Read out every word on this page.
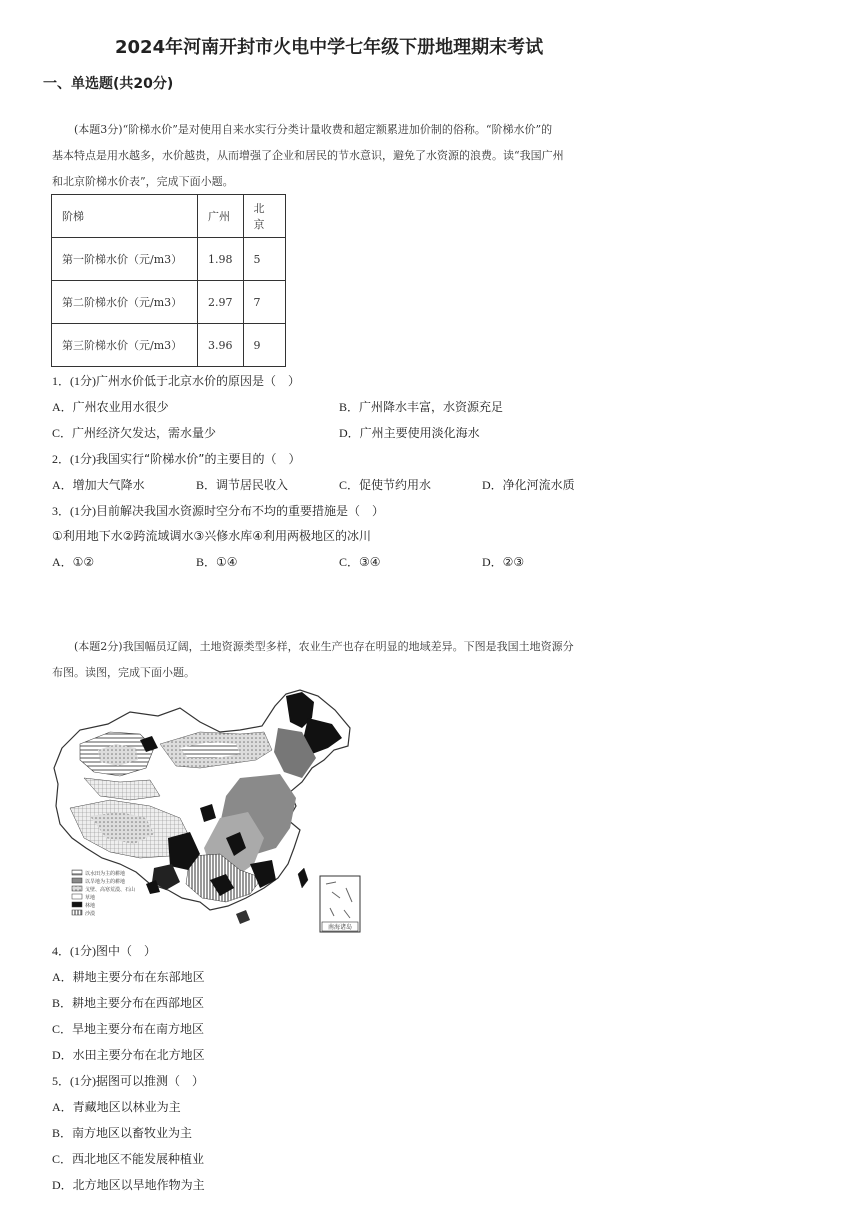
2024年河南开封市火电中学七年级下册地理期末考试
一、单选题(共20分)
(本题3分)“阶梯水价”是对使用自来水实行分类计量收费和超定额累进加价制的俗称。“阶梯水价”的
基本特点是用水越多，水价越贵，从而增强了企业和居民的节水意识，避免了水资源的浪费。读“我国广州
和北京阶梯水价表”，完成下面小题。
阶梯	广州	北京
第一阶梯水价（元/m3）	1.98	5
第二阶梯水价（元/m3）	2.97	7
第三阶梯水价（元/m3）	3.96	9
1．(1分)广州水价低于北京水价的原因是（　）
A．广州农业用水很少	B．广州降水丰富，水资源充足
C．广州经济欠发达，需水量少	D．广州主要使用淡化海水
2．(1分)我国实行“阶梯水价”的主要目的（　）
A．增加大气降水	B．调节居民收入	C．促使节约用水	D．净化河流水质
3．(1分)目前解决我国水资源时空分布不均的重要措施是（　）
①利用地下水②跨流域调水③兴修水库④利用两极地区的冰川
A．①②	B．①④	C．③④	D．②③
(本题2分)我国幅员辽阔，土地资源类型多样，农业生产也存在明显的地域差异。下图是我国土地资源分
布图。读图，完成下面小题。
南海诸岛
以水田为主的耕地
以旱地为主的耕地
戈壁、高寒荒漠、石山
草地
林地
沙漠
4．(1分)图中（　）
A．耕地主要分布在东部地区
B．耕地主要分布在西部地区
C．旱地主要分布在南方地区
D．水田主要分布在北方地区
5．(1分)据图可以推测（　）
A．青藏地区以林业为主
B．南方地区以畜牧业为主
C．西北地区不能发展种植业
D．北方地区以旱地作物为主
